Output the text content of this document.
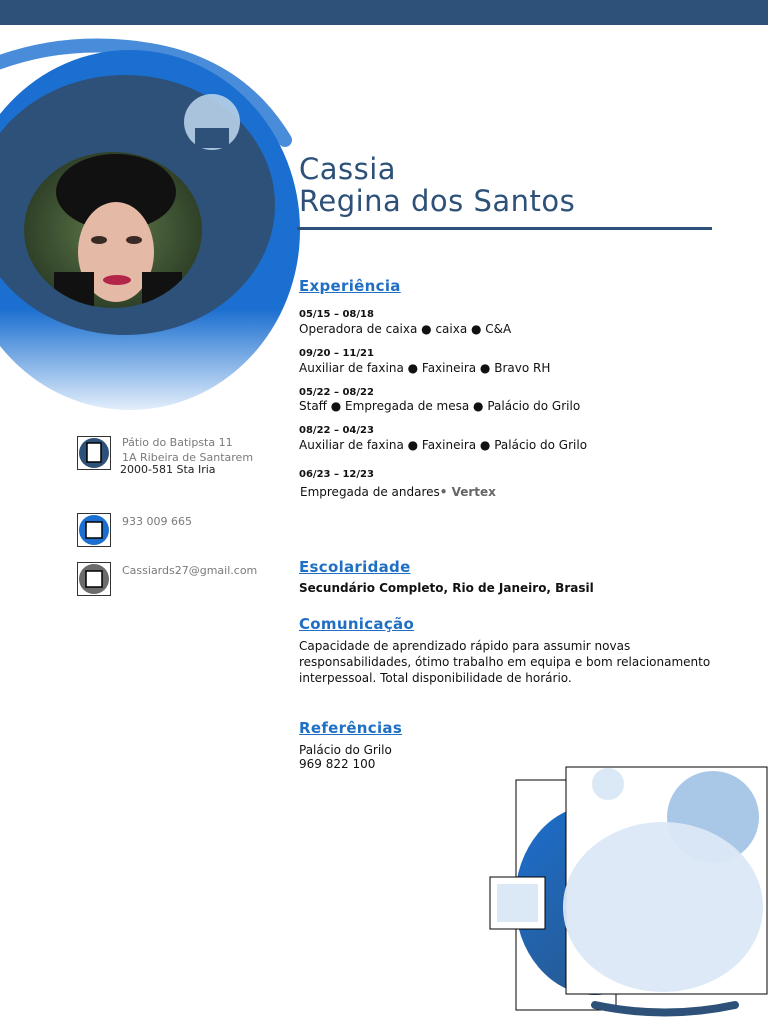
Pátio do Batipsta 11
1A Ribeira de Santarem
2000-581 Sta Iria
933 009 665
Cassiards27@gmail.com
Cassia
Regina dos Santos
Experiência
05/15 – 08/18
Operadora de caixa ● caixa ● C&A
09/20 – 11/21
Auxiliar de faxina ● Faxineira ● Bravo RH
05/22 – 08/22
Staff ● Empregada de mesa ● Palácio do Grilo
08/22 – 04/23
Auxiliar de faxina ● Faxineira ● Palácio do Grilo
06/23 – 12/23
Empregada de andares• Vertex
Escolaridade
Secundário Completo, Rio de Janeiro, Brasil
Comunicação
Capacidade de aprendizado rápido para assumir novas responsabilidades, ótimo trabalho em equipa e bom relacionamento interpessoal. Total disponibilidade de horário.
Referências
Palácio do Grilo
969 822 100
